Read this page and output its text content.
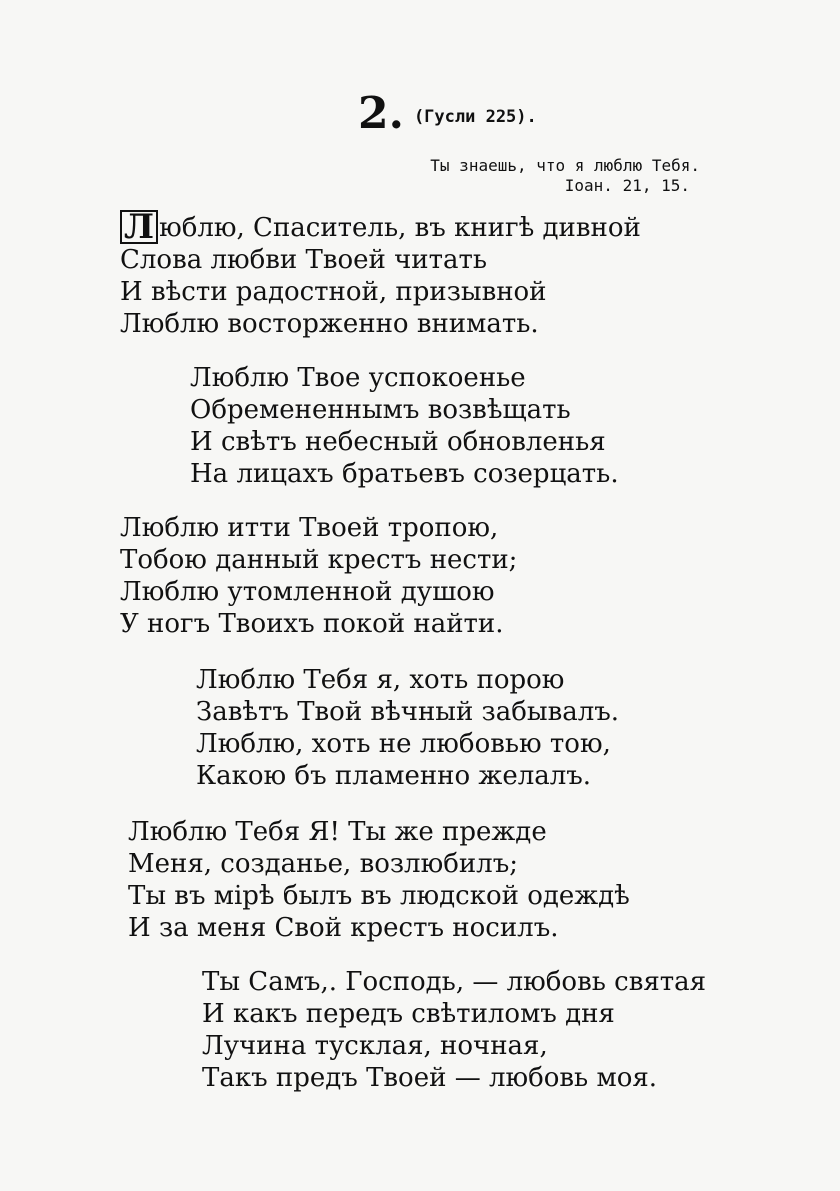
2. (Гусли 225).
Ты знаешь, что я люблю Тебя.
Іоан. 21, 15.
Л юблю, Спаситель, въ книгѣ дивной
Слова любви Твоей читать
И вѣсти радостной, призывной
Люблю восторженно внимать.
Люблю Твое успокоенье
Обремененнымъ возвѣщать
И свѣтъ небесный обновленья
На лицахъ братьевъ созерцать.
Люблю итти Твоей тропою,
Тобою данный крестъ нести;
Люблю утомленной душою
У ногъ Твоихъ покой найти.
Люблю Тебя я, хоть порою
Завѣтъ Твой вѣчный забывалъ.
Люблю, хоть не любовью тою,
Какою бъ пламенно желалъ.
Люблю Тебя Я! Ты же прежде
Меня, созданье, возлюбилъ;
Ты въ мірѣ былъ въ людской одеждѣ
И за меня Свой крестъ носилъ.
Ты Самъ,. Господь, — любовь святая
И какъ передъ свѣтиломъ дня
Лучина тусклая, ночная,
Такъ предъ Твоей — любовь моя.
